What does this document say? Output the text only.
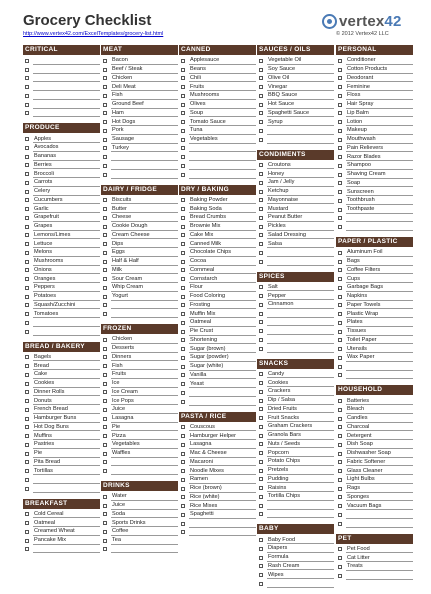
Grocery Checklist
http://www.vertex42.com/ExcelTemplates/grocery-list.html
vertex42
© 2012 Vertex42 LLC
CRITICAL
PRODUCE
Apples
Avocados
Bananas
Berries
Broccoli
Carrots
Celery
Cucumbers
Garlic
Grapefruit
Grapes
Lemons/Limes
Lettuce
Melons
Mushrooms
Onions
Oranges
Peppers
Potatoes
Squash/Zucchini
Tomatoes
BREAD / BAKERY
Bagels
Bread
Cake
Cookies
Dinner Rolls
Donuts
French Bread
Hamburger Buns
Hot Dog Buns
Muffins
Pastries
Pie
Pita Bread
Tortillas
BREAKFAST
Cold Cereal
Oatmeal
Creamed Wheat
Pancake Mix
MEAT
Bacon
Beef / Steak
Chicken
Deli Meat
Fish
Ground Beef
Ham
Hot Dogs
Pork
Sausage
Turkey
DAIRY / FRIDGE
Biscuits
Butter
Cheese
Cookie Dough
Cream Cheese
Dips
Eggs
Half & Half
Milk
Sour Cream
Whip Cream
Yogurt
FROZEN
Chicken
Desserts
Dinners
Fish
Fruits
Ice
Ice Cream
Ice Pops
Juice
Lasagna
Pie
Pizza
Vegetables
Waffles
DRINKS
Water
Juice
Soda
Sports Drinks
Coffee
Tea
CANNED
Applesauce
Beans
Chili
Fruits
Mushrooms
Olives
Soup
Tomato Sauce
Tuna
Vegetables
DRY / BAKING
Baking Powder
Baking Soda
Bread Crumbs
Brownie Mix
Cake Mix
Canned Milk
Chocolate Chips
Cocoa
Cornmeal
Cornstarch
Flour
Food Coloring
Frosting
Muffin Mix
Oatmeal
Pie Crust
Shortening
Sugar (brown)
Sugar (powder)
Sugar (white)
Vanilla
Yeast
PASTA / RICE
Couscous
Hamburger Helper
Lasagna
Mac & Cheese
Macaroni
Noodle Mixes
Ramen
Rice (brown)
Rice (white)
Rice Mixes
Spaghetti
SAUCES / OILS
Vegetable Oil
Soy Sauce
Olive Oil
Vinegar
BBQ Sauce
Hot Sauce
Spaghetti Sauce
Syrup
CONDIMENTS
Croutons
Honey
Jam / Jelly
Ketchup
Mayonnaise
Mustard
Peanut Butter
Pickles
Salad Dressing
Salsa
SPICES
Salt
Pepper
Cinnamon
SNACKS
Candy
Cookies
Crackers
Dip / Salsa
Dried Fruits
Fruit Snacks
Graham Crackers
Granola Bars
Nuts / Seeds
Popcorn
Potato Chips
Pretzels
Pudding
Raisins
Tortilla Chips
BABY
Baby Food
Diapers
Formula
Rash Cream
Wipes
PERSONAL
Conditioner
Cotton Products
Deodorant
Feminine
Floss
Hair Spray
Lip Balm
Lotion
Makeup
Mouthwash
Pain Relievers
Razor Blades
Shampoo
Shaving Cream
Soap
Sunscreen
Toothbrush
Toothpaste
PAPER / PLASTIC
Aluminum Foil
Bags
Coffee Filters
Cups
Garbage Bags
Napkins
Paper Towels
Plastic Wrap
Plates
Tissues
Toilet Paper
Utensils
Wax Paper
HOUSEHOLD
Batteries
Bleach
Candles
Charcoal
Detergent
Dish Soap
Dishwasher Soap
Fabric Softener
Glass Cleaner
Light Bulbs
Rags
Sponges
Vacuum Bags
PET
Pet Food
Cat Litter
Treats
